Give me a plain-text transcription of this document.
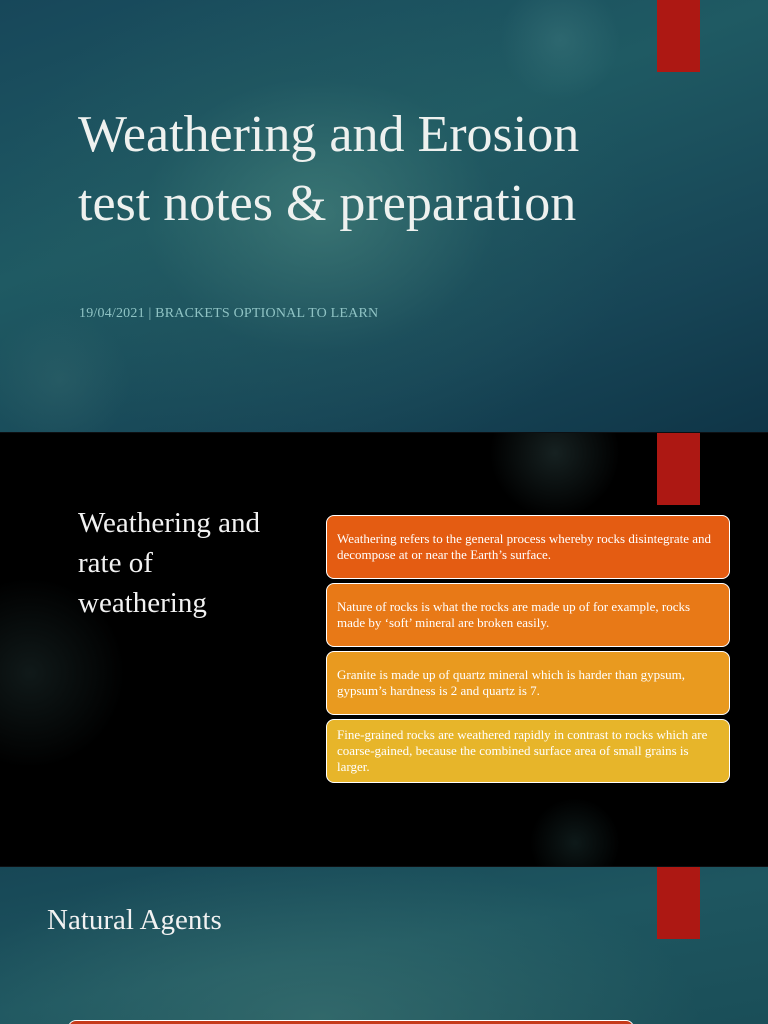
Weathering and Erosion test notes & preparation
19/04/2021 | BRACKETS OPTIONAL TO LEARN
Weathering and rate of weathering
Weathering refers to the general process whereby rocks disintegrate and decompose at or near the Earth’s surface.
Nature of rocks is what the rocks are made up of for example, rocks made by ‘soft’ mineral are broken easily.
Granite is made up of quartz mineral which is harder than gypsum, gypsum’s hardness is 2 and quartz is 7.
Fine-grained rocks are weathered rapidly in contrast to rocks which are coarse-gained, because the combined surface area of small grains is larger.
Natural Agents
